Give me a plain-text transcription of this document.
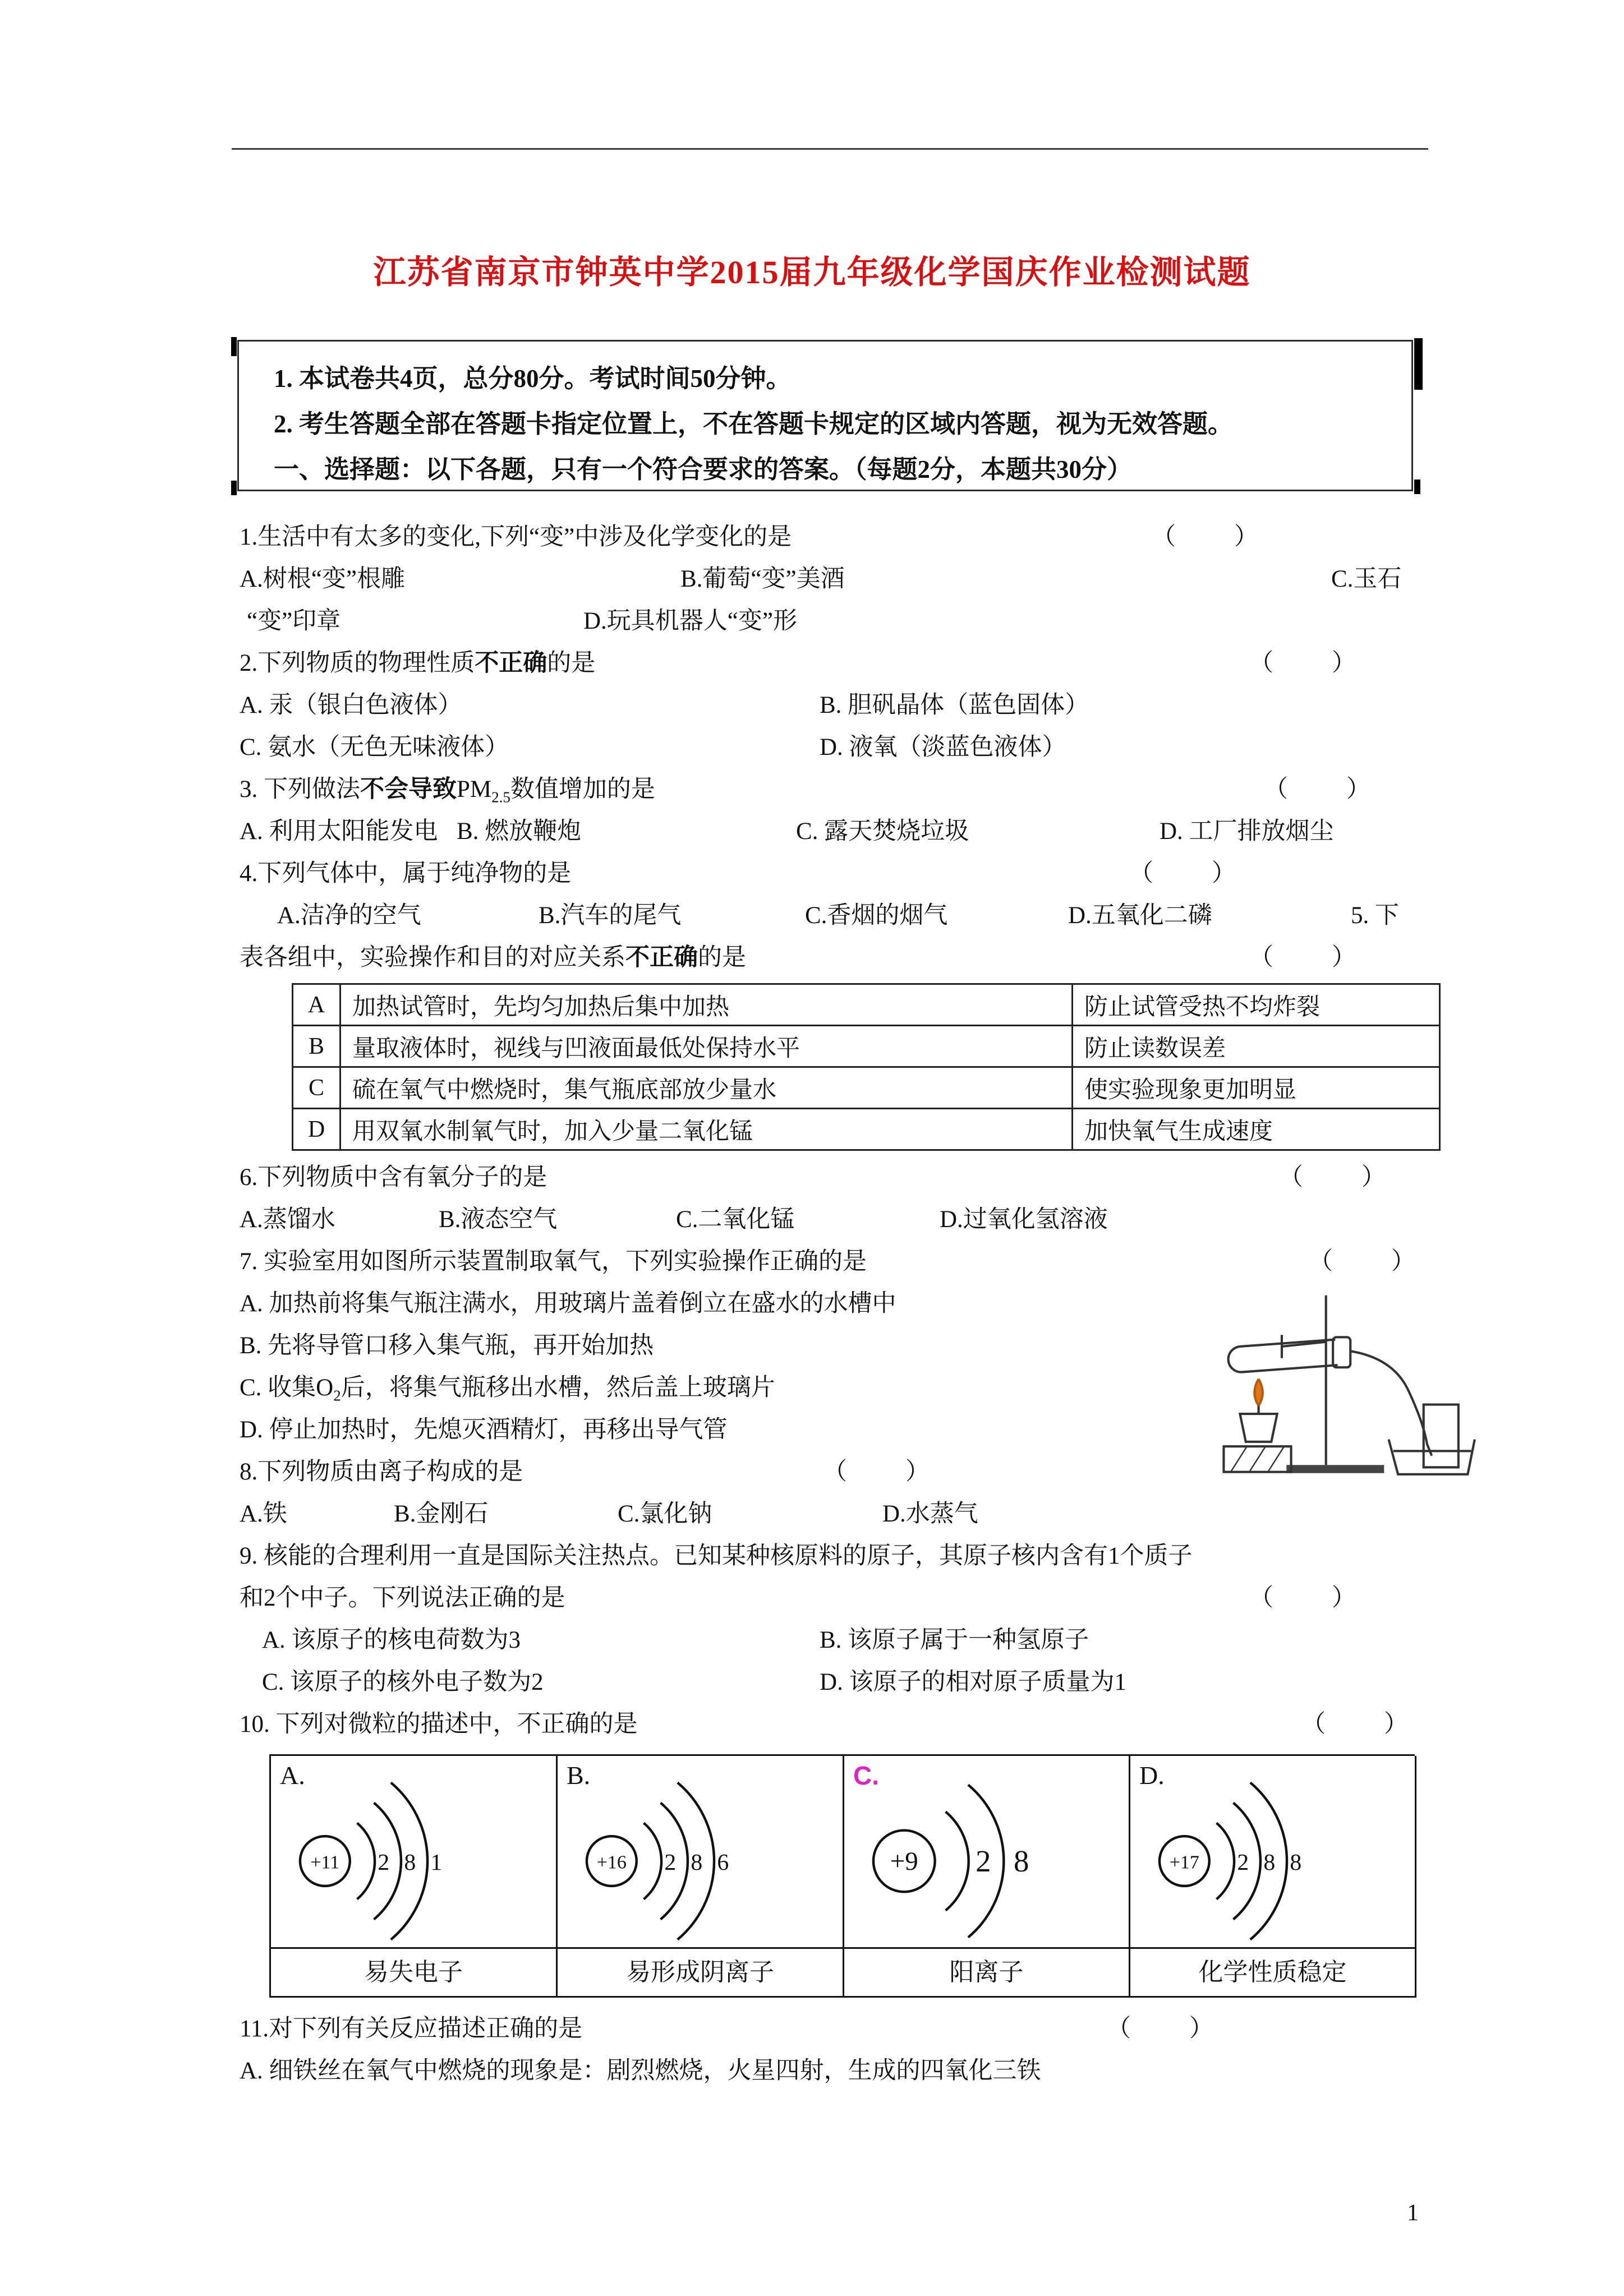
江苏省南京市钟英中学2015届九年级化学国庆作业检测试题

1. 本试卷共4页，总分80分。考试时间50分钟。

2. 考生答题全部在答题卡指定位置上，不在答题卡规定的区域内答题，视为无效答题。

一、选择题：以下各题，只有一个符合要求的答案。（每题2分，本题共30分）

1.生活中有太多的变化,下列“变”中涉及化学变化的是	（　　）
A.树根“变”根雕	B.葡萄“变”美酒	C.玉石
“变”印章	D.玩具机器人“变”形
2.下列物质的物理性质不正确的是	（　　）
A. 汞（银白色液体）	B. 胆矾晶体（蓝色固体）
C. 氨水（无色无味液体）	D. 液氧（淡蓝色液体）
3. 下列做法不会导致$PM_{2.5}$数值增加的是	（　　）
A. 利用太阳能发电 B. 燃放鞭炮	C. 露天焚烧垃圾	D. 工厂排放烟尘
4.下列气体中，属于纯净物的是	（　　）
A.洁净的空气	B.汽车的尾气	C.香烟的烟气	D.五氧化二磷	5. 下
表各组中，实验操作和目的对应关系不正确的是	（　　）
A	加热试管时，先均匀加热后集中加热	防止试管受热不均炸裂
B	量取液体时，视线与凹液面最低处保持水平	防止读数误差
C	硫在氧气中燃烧时，集气瓶底部放少量水	使实验现象更加明显
D	用双氧水制氧气时，加入少量二氧化锰	加快氧气生成速度
6.下列物质中含有氧分子的是	（　　）
A.蒸馏水	B.液态空气	C.二氧化锰	D.过氧化氢溶液
7. 实验室用如图所示装置制取氧气，下列实验操作正确的是	（　　）
A. 加热前将集气瓶注满水，用玻璃片盖着倒立在盛水的水槽中
B. 先将导管口移入集气瓶，再开始加热
C. 收集$O_2$后，将集气瓶移出水槽，然后盖上玻璃片
D. 停止加热时，先熄灭酒精灯，再移出导气管
8.下列物质由离子构成的是	（　　）
A.铁	B.金刚石	C.氯化钠	D.水蒸气
9. 核能的合理利用一直是国际关注热点。已知某种核原料的原子，其原子核内含有1个质子
和2个中子。下列说法正确的是	（　　）
A. 该原子的核电荷数为3	B. 该原子属于一种氢原子
C. 该原子的核外电子数为2	D. 该原子的相对原子质量为1
10. 下列对微粒的描述中，不正确的是	（　　）
A.
+11	2 8 1
B.
+16	2 8 6
C.
+9	2 8
D.
+17	2 8 8
易失电子	易形成阴离子	阳离子	化学性质稳定
11.对下列有关反应描述正确的是	（　　）
A. 细铁丝在氧气中燃烧的现象是：剧烈燃烧，火星四射，生成的四氧化三铁
1
